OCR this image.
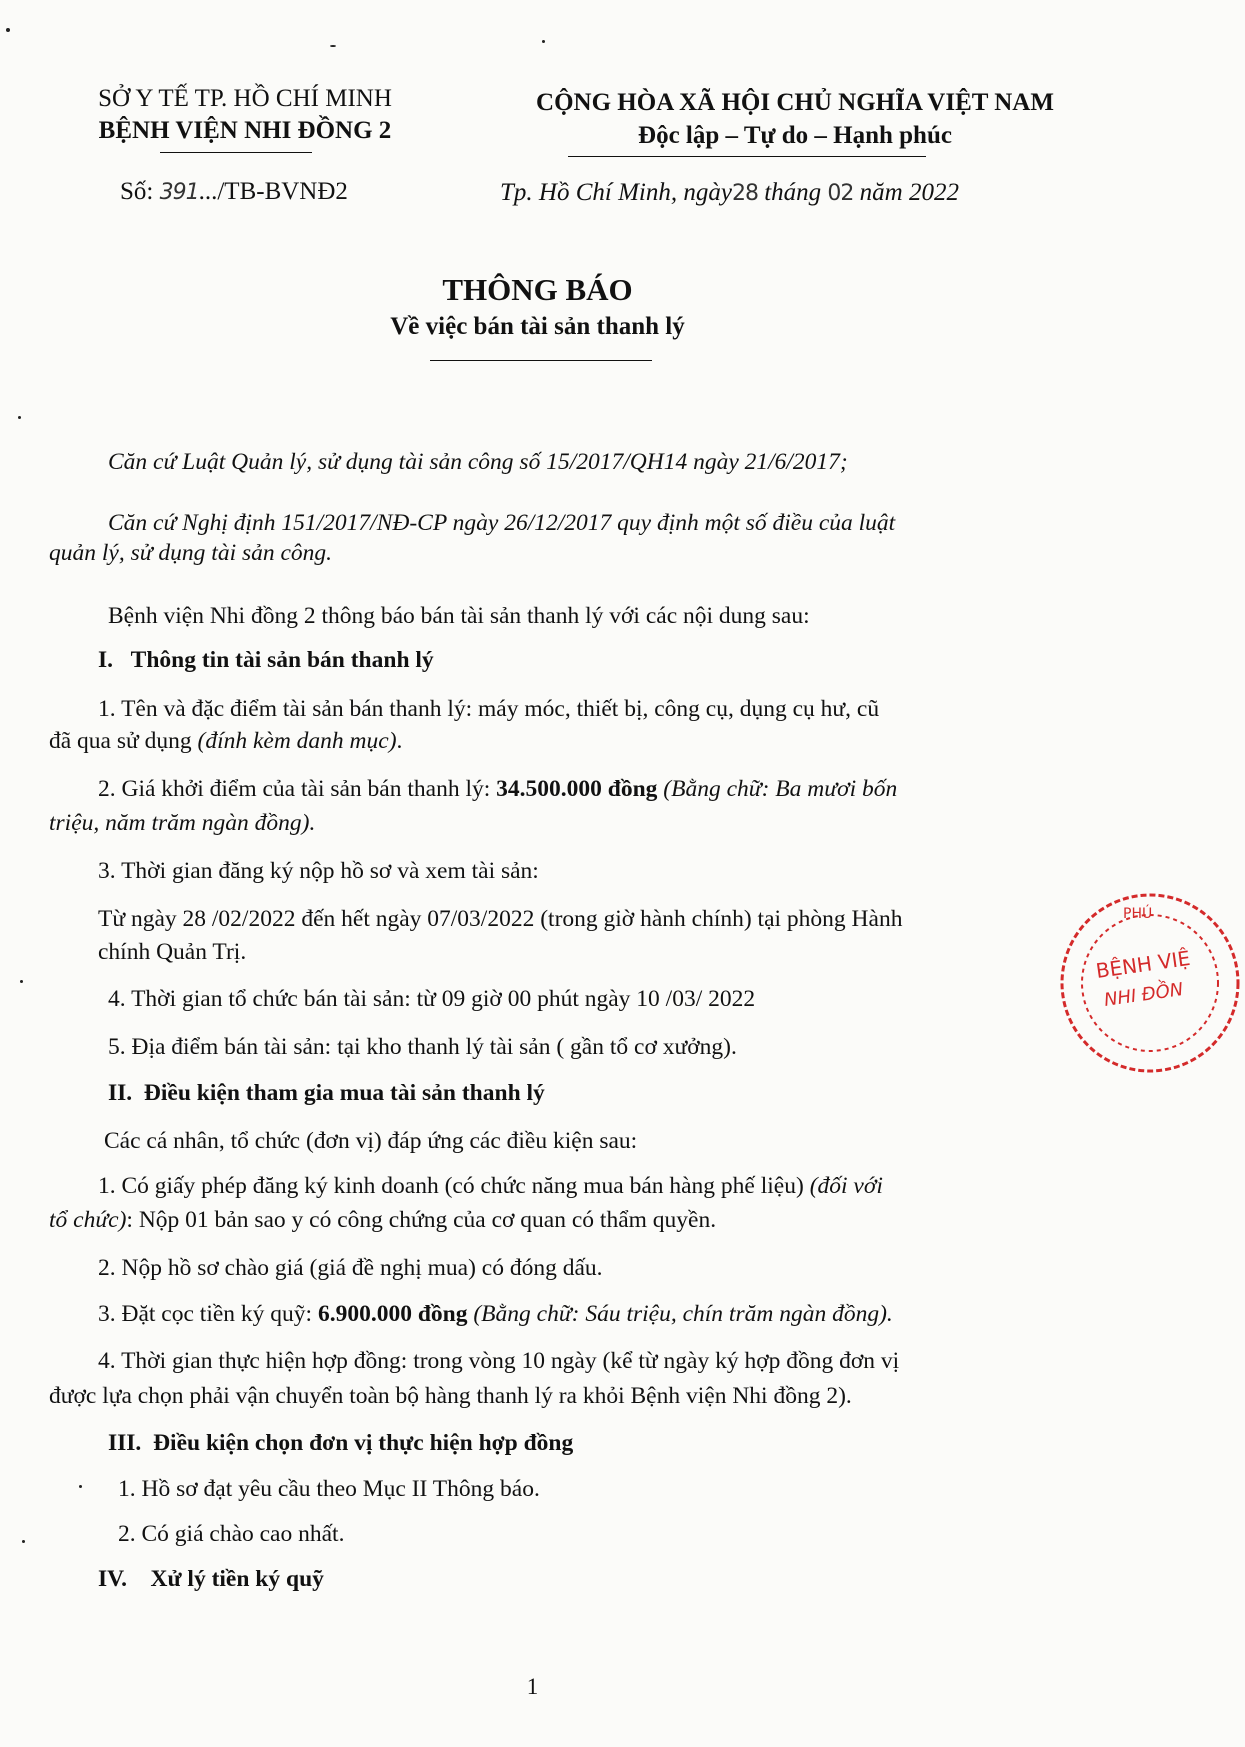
SỞ Y TẾ TP. HỒ CHÍ MINH
BỆNH VIỆN NHI ĐỒNG 2
CỘNG HÒA XÃ HỘI CHỦ NGHĨA VIỆT NAM
Độc lập – Tự do – Hạnh phúc
Số: 391.../TB-BVNĐ2	Tp. Hồ Chí Minh, ngày28 tháng 02 năm 2022
THÔNG BÁO
Về việc bán tài sản thanh lý
Căn cứ Luật Quản lý, sử dụng tài sản công số 15/2017/QH14 ngày 21/6/2017;
Căn cứ Nghị định 151/2017/NĐ-CP ngày 26/12/2017 quy định một số điều của luật
quản lý, sử dụng tài sản công.
Bệnh viện Nhi đồng 2 thông báo bán tài sản thanh lý với các nội dung sau:
I. Thông tin tài sản bán thanh lý
1. Tên và đặc điểm tài sản bán thanh lý: máy móc, thiết bị, công cụ, dụng cụ hư, cũ
đã qua sử dụng (đính kèm danh mục).
2. Giá khởi điểm của tài sản bán thanh lý: 34.500.000 đồng (Bằng chữ: Ba mươi bốn
triệu, năm trăm ngàn đồng).
3. Thời gian đăng ký nộp hồ sơ và xem tài sản:
Từ ngày 28 /02/2022 đến hết ngày 07/03/2022 (trong giờ hành chính) tại phòng Hành
chính Quản Trị.
4. Thời gian tổ chức bán tài sản: từ 09 giờ 00 phút ngày 10 /03/ 2022
5. Địa điểm bán tài sản: tại kho thanh lý tài sản ( gần tổ cơ xưởng).
II. Điều kiện tham gia mua tài sản thanh lý
Các cá nhân, tổ chức (đơn vị) đáp ứng các điều kiện sau:
1. Có giấy phép đăng ký kinh doanh (có chức năng mua bán hàng phế liệu) (đối với
tổ chức): Nộp 01 bản sao y có công chứng của cơ quan có thẩm quyền.
2. Nộp hồ sơ chào giá (giá đề nghị mua) có đóng dấu.
3. Đặt cọc tiền ký quỹ: 6.900.000 đồng (Bằng chữ: Sáu triệu, chín trăm ngàn đồng).
4. Thời gian thực hiện hợp đồng: trong vòng 10 ngày (kể từ ngày ký hợp đồng đơn vị
được lựa chọn phải vận chuyển toàn bộ hàng thanh lý ra khỏi Bệnh viện Nhi đồng 2).
III. Điều kiện chọn đơn vị thực hiện hợp đồng
1. Hồ sơ đạt yêu cầu theo Mục II Thông báo.
2. Có giá chào cao nhất.
IV. Xử lý tiền ký quỹ
1
PHÚ
BỆNH VIỆ
NHI ĐỒN
